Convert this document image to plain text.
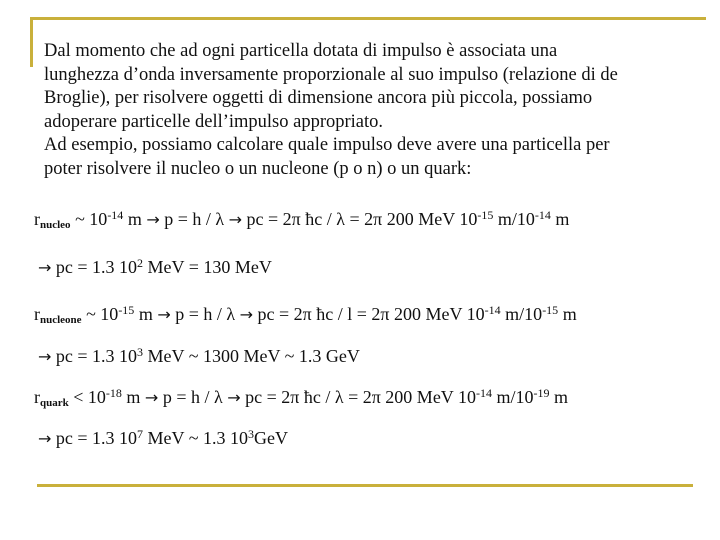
Dal momento che ad ogni particella dotata di impulso è associata una

lunghezza d’onda inversamente proporzionale al suo impulso (relazione di de

Broglie), per risolvere oggetti di dimensione ancora più piccola, possiamo

adoperare particelle dell’impulso appropriato.

Ad esempio, possiamo calcolare quale impulso deve avere una particella per

poter risolvere il nucleo o un nucleone (p o n) o un quark:

$r_{nucleo}$ ~ $10^{-14}$ m → p = h / λ → pc = 2π ħc / λ = 2π 200 MeV $10^{-15}$ $m/10^{-14}$ m
→ pc = 1.3 $10^2$ MeV = 130 MeV
$r_{nucleone}$ ~ $10^{-15}$ m → p = h / λ → pc = 2π ħc / l = 2π 200 MeV $10^{-14}$ $m/10^{-15}$ m
→ pc = 1.3 $10^3$ MeV ~ 1300 MeV ~ 1.3 GeV
$r_{quark} < 10^{-18}$ m → p = h / λ → pc = 2π ħc / λ = 2π 200 MeV $10^{-14}$ $m/10^{-19}$ m
→ pc = 1.3 $10^7$ MeV ~ 1.3 $10^3GeV$
